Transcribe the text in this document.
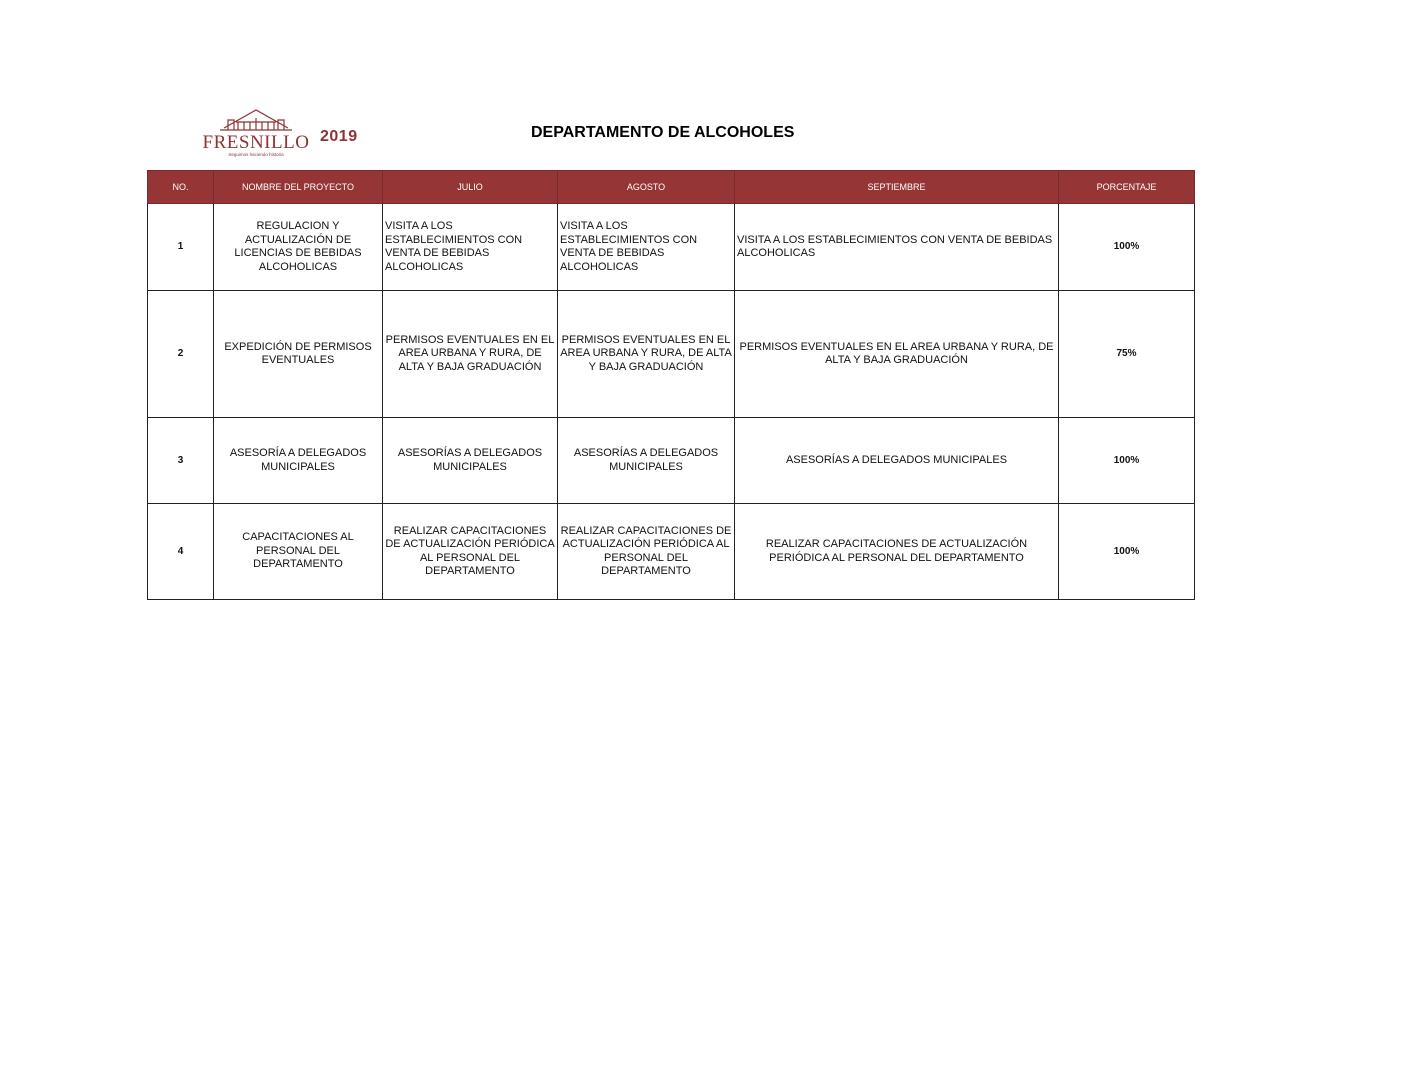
FRESNILLO
Seguimos haciendo historia
2019	DEPARTAMENTO DE ALCOHOLES
NO.	NOMBRE DEL PROYECTO	JULIO	AGOSTO	SEPTIEMBRE	PORCENTAJE
1	REGULACION Y ACTUALIZACIÓN DE LICENCIAS DE BEBIDAS ALCOHOLICAS	VISITA A LOS ESTABLECIMIENTOS CON VENTA DE BEBIDAS ALCOHOLICAS	VISITA A LOS ESTABLECIMIENTOS CON VENTA DE BEBIDAS ALCOHOLICAS	VISITA A LOS ESTABLECIMIENTOS CON VENTA DE BEBIDAS ALCOHOLICAS	100%
2	EXPEDICIÓN DE PERMISOS EVENTUALES	PERMISOS EVENTUALES EN EL AREA URBANA Y RURA, DE ALTA Y BAJA GRADUACIÓN	PERMISOS EVENTUALES EN EL AREA URBANA Y RURA, DE ALTA Y BAJA GRADUACIÓN	PERMISOS EVENTUALES EN EL AREA URBANA Y RURA, DE ALTA Y BAJA GRADUACIÓN	75%
3	ASESORÍA A DELEGADOS MUNICIPALES	ASESORÍAS A DELEGADOS MUNICIPALES	ASESORÍAS A DELEGADOS MUNICIPALES	ASESORÍAS A DELEGADOS MUNICIPALES	100%
4	CAPACITACIONES AL PERSONAL DEL DEPARTAMENTO	REALIZAR CAPACITACIONES DE ACTUALIZACIÓN PERIÓDICA AL PERSONAL DEL DEPARTAMENTO	REALIZAR CAPACITACIONES DE ACTUALIZACIÓN PERIÓDICA AL PERSONAL DEL DEPARTAMENTO	REALIZAR CAPACITACIONES DE ACTUALIZACIÓN PERIÓDICA AL PERSONAL DEL DEPARTAMENTO	100%
